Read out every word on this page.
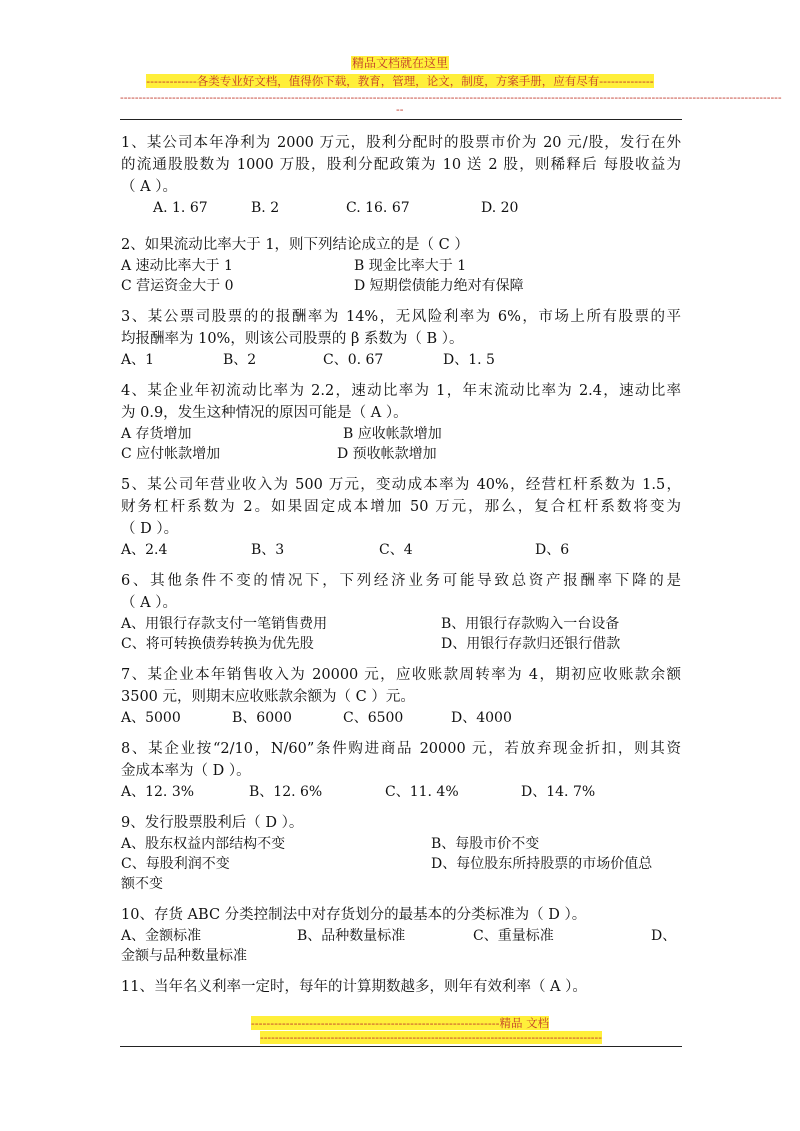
精品文档就在这里
-------------各类专业好文档，值得你下载，教育，管理，论文，制度，方案手册，应有尽有--------------
----------------------------------------------------------------------------------------------------------------------------------------------------------------------------------
--
1、某公司本年净利为 2000 万元，股利分配时的股票市价为 20 元/股，发行在外
的流通股股数为 1000 万股，股利分配政策为 10 送 2 股，则稀释后 每股收益为
（ A ）。
A. 1. 67	B. 2	C. 16. 67	D. 20
2、如果流动比率大于 1，则下列结论成立的是（ C ）
A 速动比率大于 1	B 现金比率大于 1
C 营运资金大于 0	D 短期偿债能力绝对有保障
3、某公票司股票的的报酬率为 14%，无风险利率为 6%，市场上所有股票的平
均报酬率为 10%，则该公司股票的 β 系数为（ B ）。
A、1	B、2	C、0. 67	D、1. 5
4、某企业年初流动比率为 2.2，速动比率为 1，年末流动比率为 2.4，速动比率
为 0.9，发生这种情况的原因可能是（ A ）。
A 存货增加	B 应收帐款增加
C 应付帐款增加	D 预收帐款增加
5、某公司年营业收入为 500 万元，变动成本率为 40%，经营杠杆系数为 1.5，
财务杠杆系数为 2。如果固定成本增加 50 万元，那么，复合杠杆系数将变为
（ D ）。
A、2.4	B、3	C、4	D、6
6、其他条件不变的情况下，下列经济业务可能导致总资产报酬率下降的是
（ A ）。
A、用银行存款支付一笔销售费用	B、用银行存款购入一台设备
C、将可转换债券转换为优先股	D、用银行存款归还银行借款
7、某企业本年销售收入为 20000 元，应收账款周转率为 4，期初应收账款余额
3500 元，则期末应收账款余额为（ C ）元。
A、5000	B、6000	C、6500	D、4000
8、某企业按“2/10，N/60”条件购进商品 20000 元，若放弃现金折扣，则其资
金成本率为（ D ）。
A、12. 3%	B、12. 6%	C、11. 4%	D、14. 7%
9、发行股票股利后（ D ）。
A、股东权益内部结构不变	B、每股市价不变
C、每股利润不变	D、每位股东所持股票的市场价值总
额不变
10、存货 ABC 分类控制法中对存货划分的最基本的分类标准为（ D ）。
A、金额标准	B、品种数量标准	C、重量标准	D、
金额与品种数量标准
11、当年名义利率一定时，每年的计算期数越多，则年有效利率（ A ）。
----------------------------------------------------------------精品 文档
--------------------------------------------------------------------------------------------
